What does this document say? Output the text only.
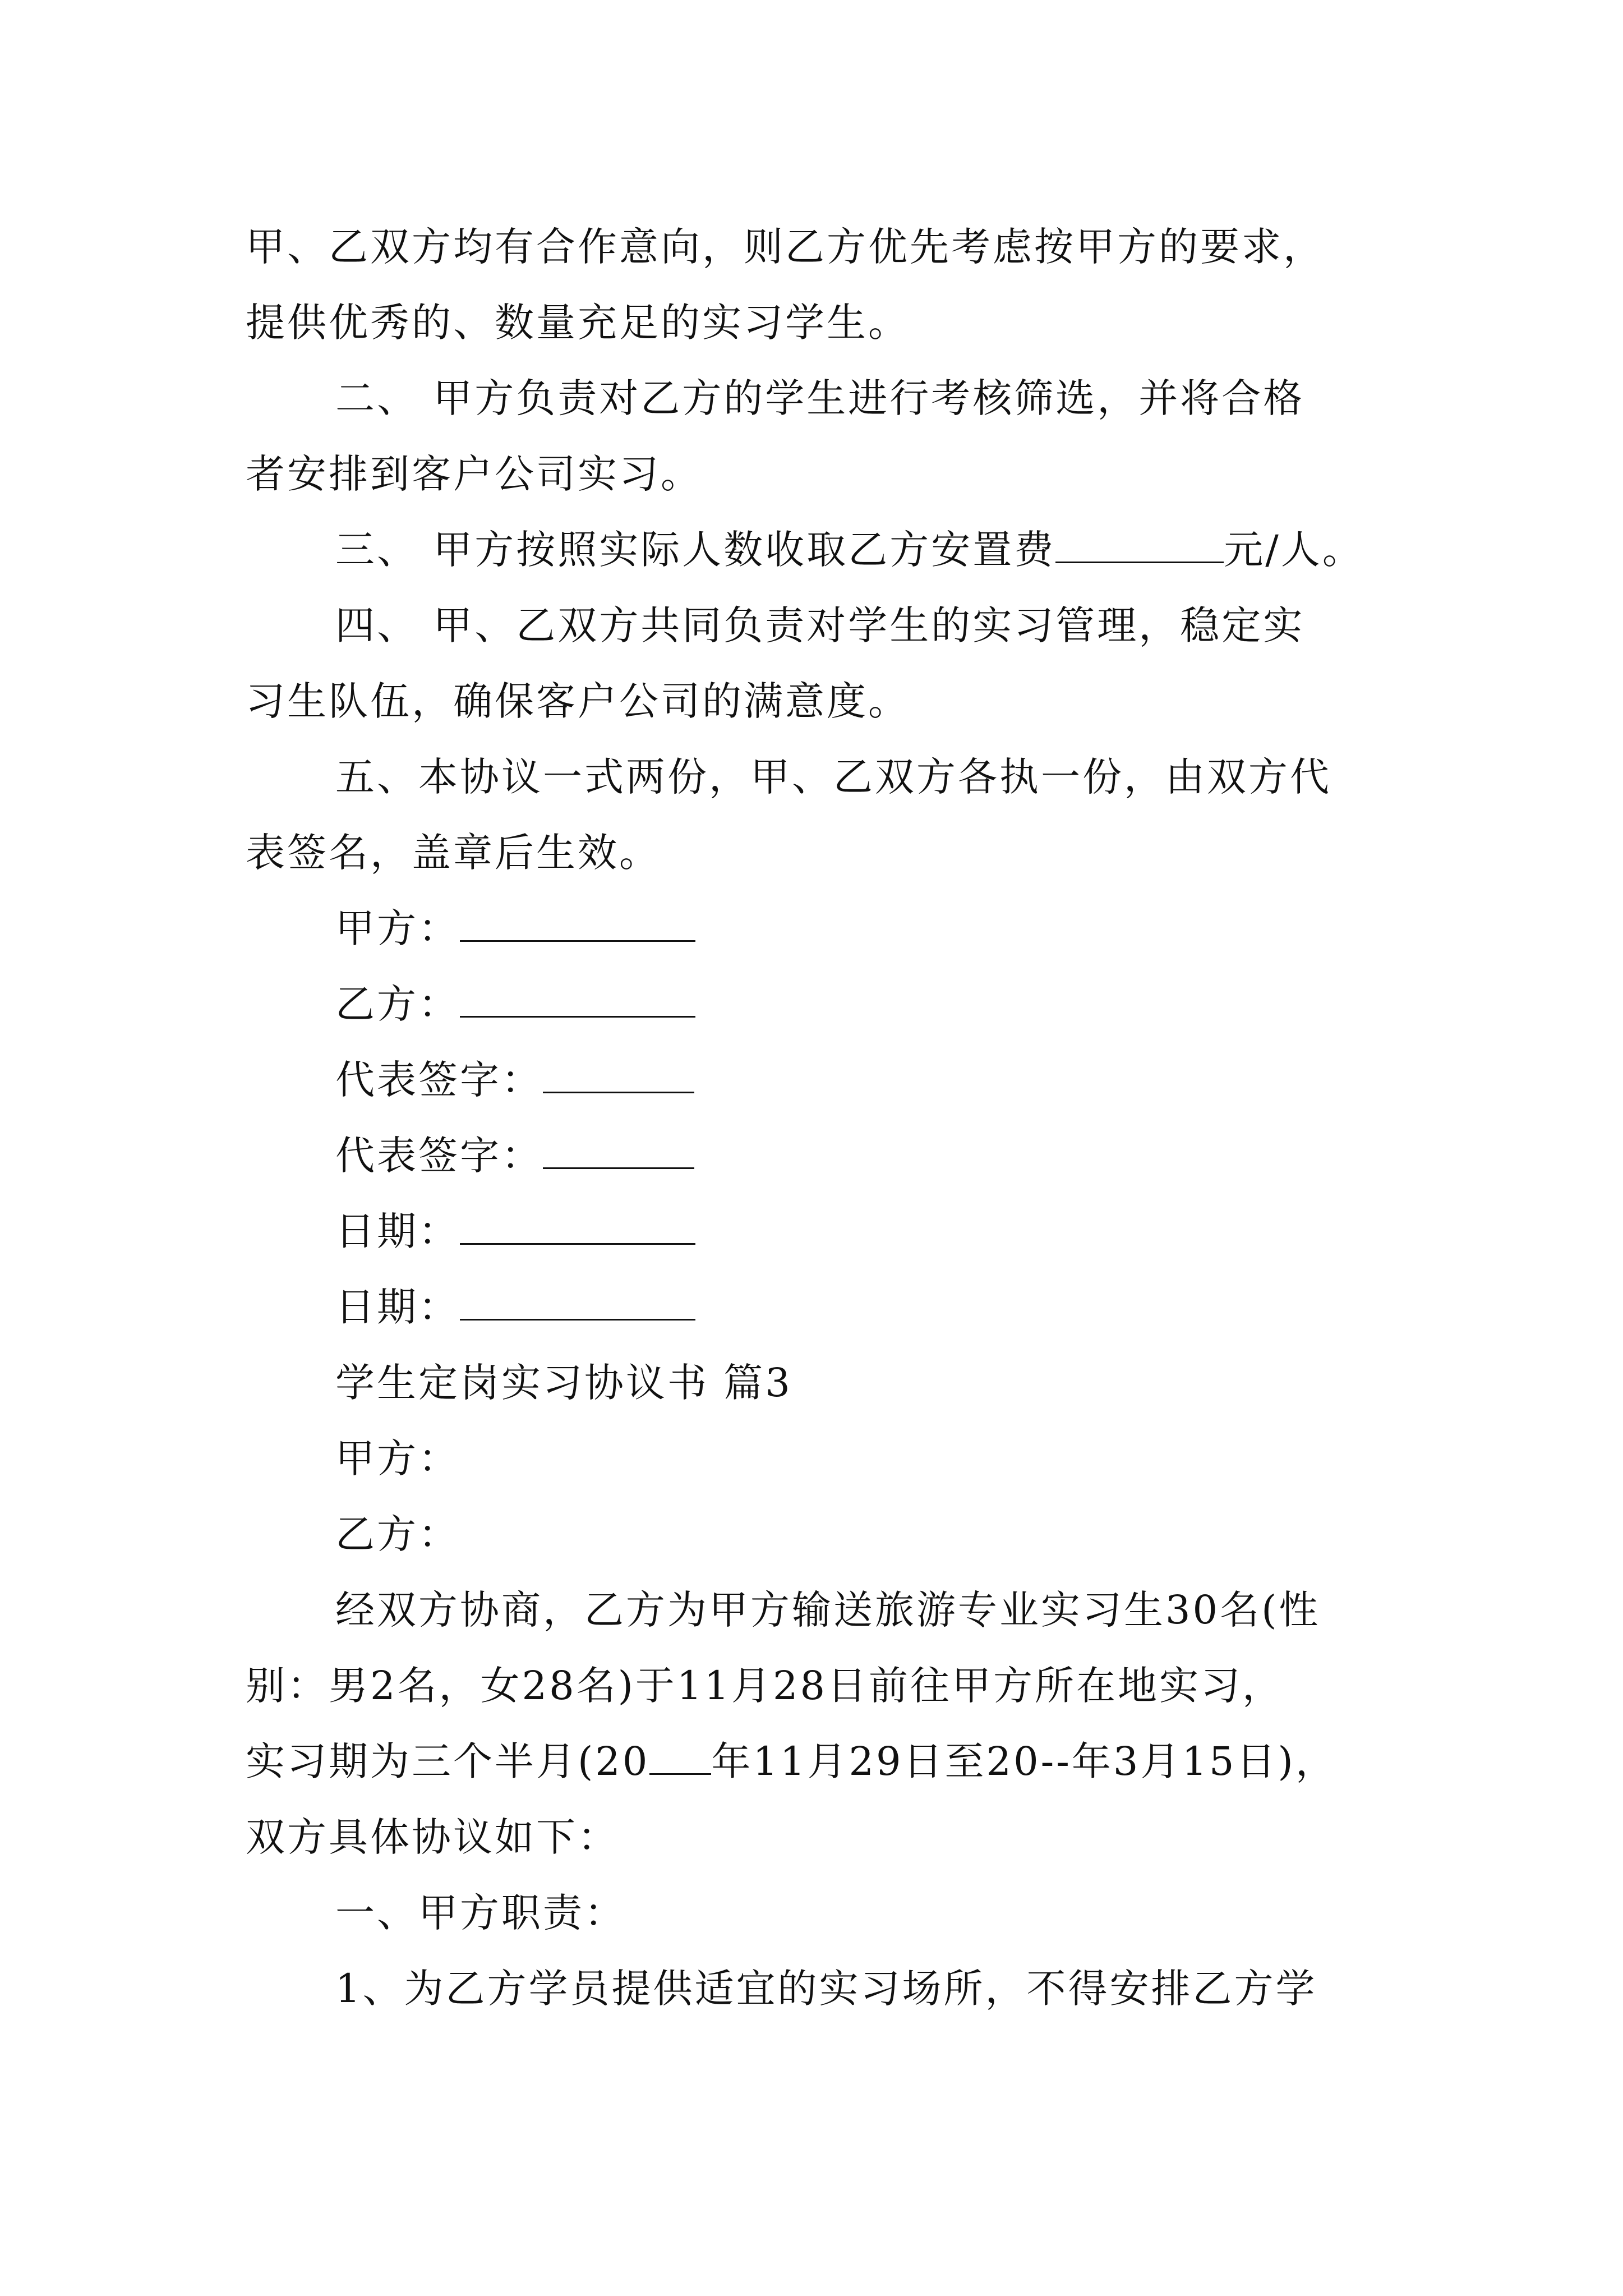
甲、乙双方均有合作意向，则乙方优先考虑按甲方的要求，
提供优秀的、数量充足的实习学生。
二、 甲方负责对乙方的学生进行考核筛选，并将合格
者安排到客户公司实习。
三、 甲方按照实际人数收取乙方安置费	元/人。
四、 甲、乙双方共同负责对学生的实习管理，稳定实
习生队伍，确保客户公司的满意度。
五、本协议一式两份，甲、乙双方各执一份，由双方代
表签名，盖章后生效。
甲方：
乙方：
代表签字：
代表签字：
日期：
日期：
学生定岗实习协议书 篇3
甲方：
乙方：
经双方协商，乙方为甲方输送旅游专业实习生30名(性
别：男2名，女28名)于11月28日前往甲方所在地实习，
实习期为三个半月(20 年11月29日至20--年3月15日)，
双方具体协议如下：
一、甲方职责：
1、为乙方学员提供适宜的实习场所，不得安排乙方学
